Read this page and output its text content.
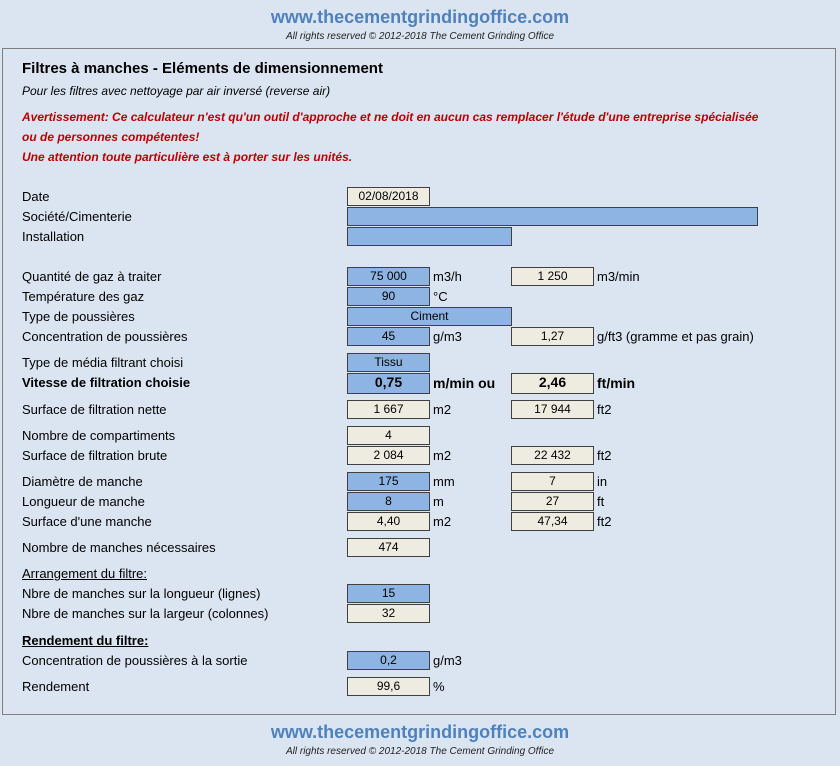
www.thecementgrindingoffice.com
All rights reserved © 2012-2018 The Cement Grinding Office
Filtres à manches - Eléments de dimensionnement
Pour les filtres avec nettoyage par air inversé (reverse air)
Avertissement: Ce calculateur n'est qu'un outil d'approche et ne doit en aucun cas remplacer l'étude d'une entreprise spécialisée
ou de personnes compétentes!
Une attention toute particulière est à porter sur les unités.
Date	02/08/2018
Société/Cimenterie
Installation
Quantité de gaz à traiter	75 000	m3/h	1 250	m3/min
Température des gaz	90	°C
Type de poussières	Ciment
Concentration de poussières	45	g/m3	1,27	g/ft3 (gramme et pas grain)
Type de média filtrant choisi	Tissu
Vitesse de filtration choisie	0,75	m/min ou	2,46	ft/min
Surface de filtration nette	1 667	m2	17 944	ft2
Nombre de compartiments	4
Surface de filtration brute	2 084	m2	22 432	ft2
Diamètre de manche	175	mm	7	in
Longueur de manche	8	m	27	ft
Surface d'une manche	4,40	m2	47,34	ft2
Nombre de manches nécessaires	474
Arrangement du filtre:
Nbre de manches sur la longueur (lignes)	15
Nbre de manches sur la largeur (colonnes)	32
Rendement du filtre:
Concentration de poussières à la sortie	0,2	g/m3
Rendement	99,6	%
www.thecementgrindingoffice.com
All rights reserved © 2012-2018 The Cement Grinding Office
